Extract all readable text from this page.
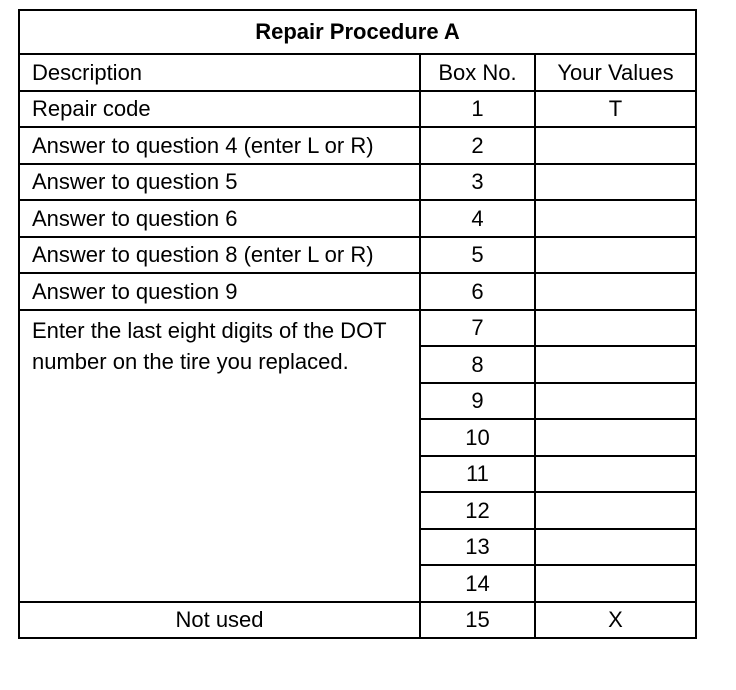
Repair Procedure A		
Description	Box No.	Your Values
Repair code	1	T
Answer to question 4 (enter L or R)	2	
Answer to question 5	3	
Answer to question 6	4	
Answer to question 8 (enter L or R)	5	
Answer to question 9	6	
Enter the last eight digits of the DOT number on the tire you replaced.	7	
	8	
	9	
	10	
	11	
	12	
	13	
	14	
Not used	15	X
